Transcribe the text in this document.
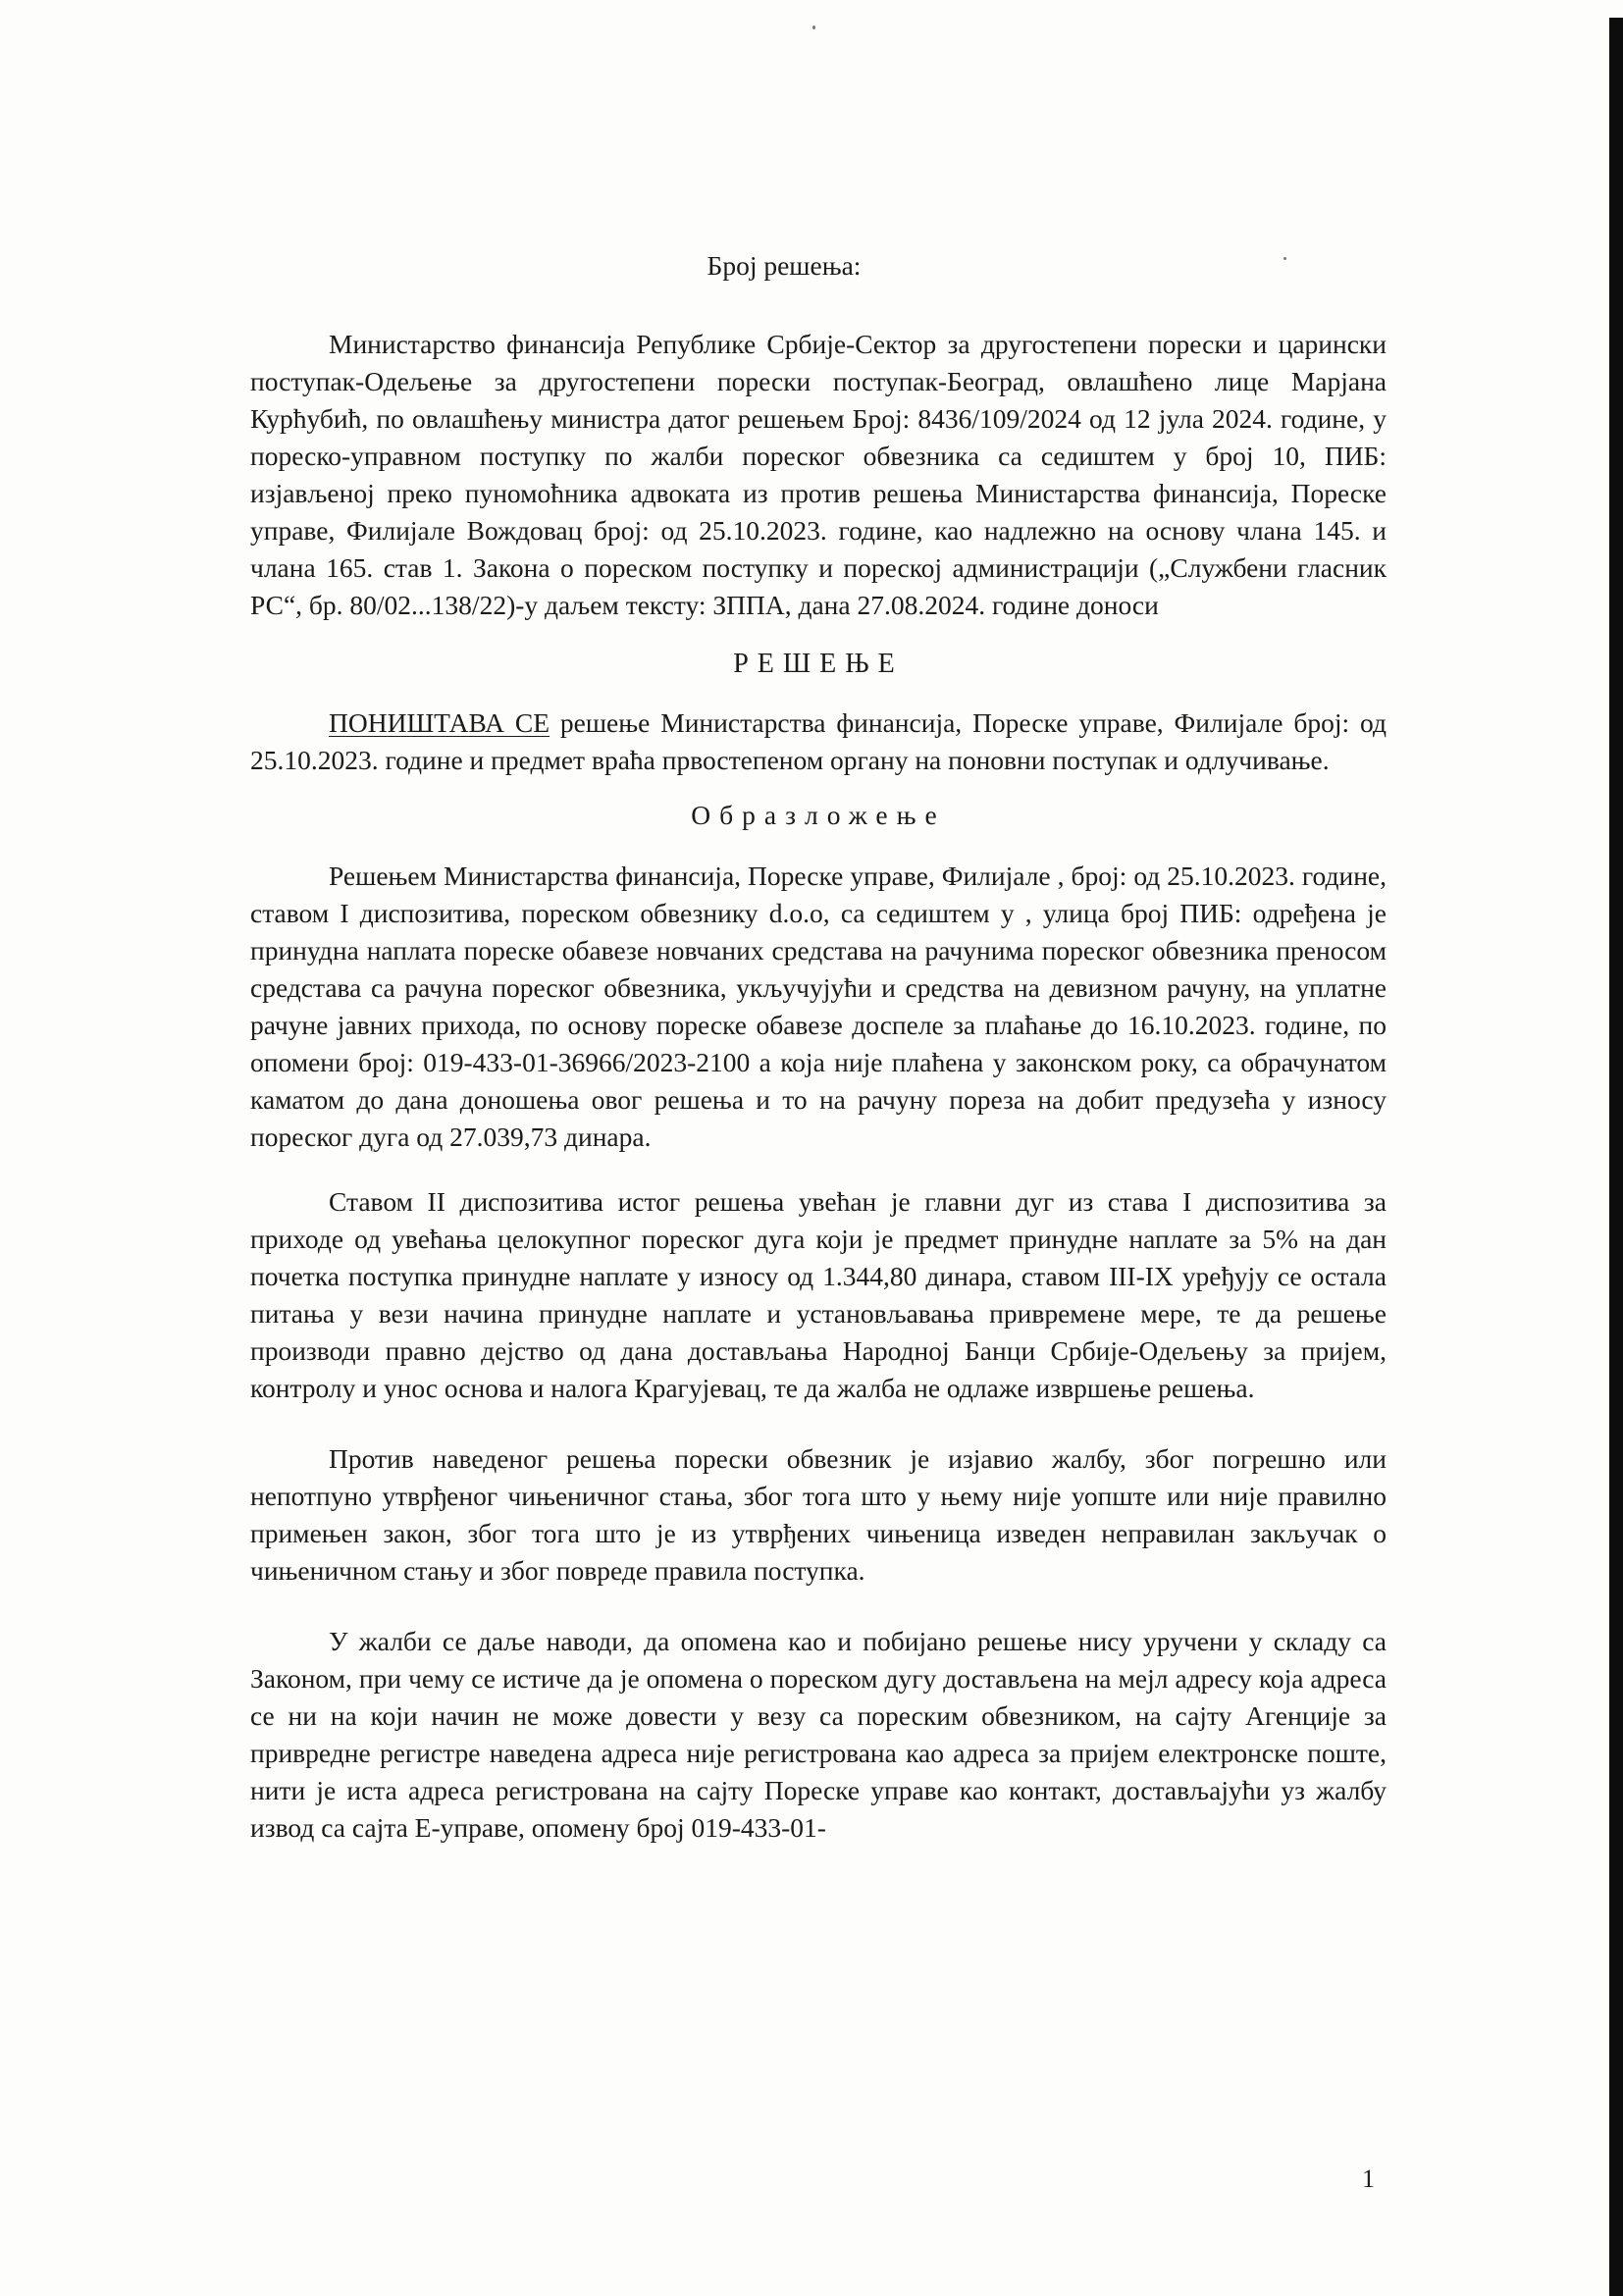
Број решења:

Министарство финансија Републике Србије-Сектор за другостепени порески и царински поступак-Одељење за другостепени порески поступак-Београд, овлашћено лице Марјана Курћубић, по овлашћењу министра датог решењем Број: 8436/109/2024 од 12 јула 2024. године, у пореско-управном поступку по жалби пореског обвезника са седиштем у број 10, ПИБ: изјављеној преко пуномоћника адвоката из против решења Министарства финансија, Пореске управе, Филијале Вождовац број: од 25.10.2023. године, као надлежно на основу члана 145. и члана 165. став 1. Закона о пореском поступку и пореској администрацији („Службени гласник РС“, бр. 80/02...138/22)-у даљем тексту: ЗППА, дана 27.08.2024. године доноси

РЕШЕЊЕ

ПОНИШТАВА СЕ решење Министарства финансија, Пореске управе, Филијале број: од 25.10.2023. године и предмет враћа првостепеном органу на поновни поступак и одлучивање.

Образложење

Решењем Министарства финансија, Пореске управе, Филијале , број: од 25.10.2023. године, ставом I диспозитива, пореском обвезнику d.o.o, са седиштем у , улица број ПИБ: одређена је принудна наплата пореске обавезе новчаних средстава на рачунима пореског обвезника преносом средстава са рачуна пореског обвезника, укључујући и средства на девизном рачуну, на уплатне рачуне јавних прихода, по основу пореске обавезе доспеле за плаћање до 16.10.2023. године, по опомени број: 019-433-01-36966/2023-2100 а која није плаћена у законском року, са обрачунатом каматом до дана доношења овог решења и то на рачуну пореза на добит предузећа у износу пореског дуга од 27.039,73 динара.

Ставом II диспозитива истог решења увећан је главни дуг из става I диспозитива за приходе од увећања целокупног пореског дуга који је предмет принудне наплате за 5% на дан почетка поступка принудне наплате у износу од 1.344,80 динара, ставом III-IX уређују се остала питања у вези начина принудне наплате и установљавања привремене мере, те да решење производи правно дејство од дана достављања Народној Банци Србије-Одељењу за пријем, контролу и унос основа и налога Крагујевац, те да жалба не одлаже извршење решења.

Против наведеног решења порески обвезник је изјавио жалбу, због погрешно или непотпуно утврђеног чињеничног стања, због тога што у њему није уопште или није правилно примењен закон, због тога што је из утврђених чињеница изведен неправилан закључак о чињеничном стању и због повреде правила поступка.

У жалби се даље наводи, да опомена као и побијано решење нису уручени у складу са Законом, при чему се истиче да је опомена о пореском дугу достављена на мејл адресу која адреса се ни на који начин не може довести у везу са пореским обвезником, на сајту Агенције за привредне регистре наведена адреса није регистрована као адреса за пријем електронске поште, нити је иста адреса регистрована на сајту Пореске управе као контакт, достављајући уз жалбу извод са сајта Е-управе, опомену број 019-433-01-

1
